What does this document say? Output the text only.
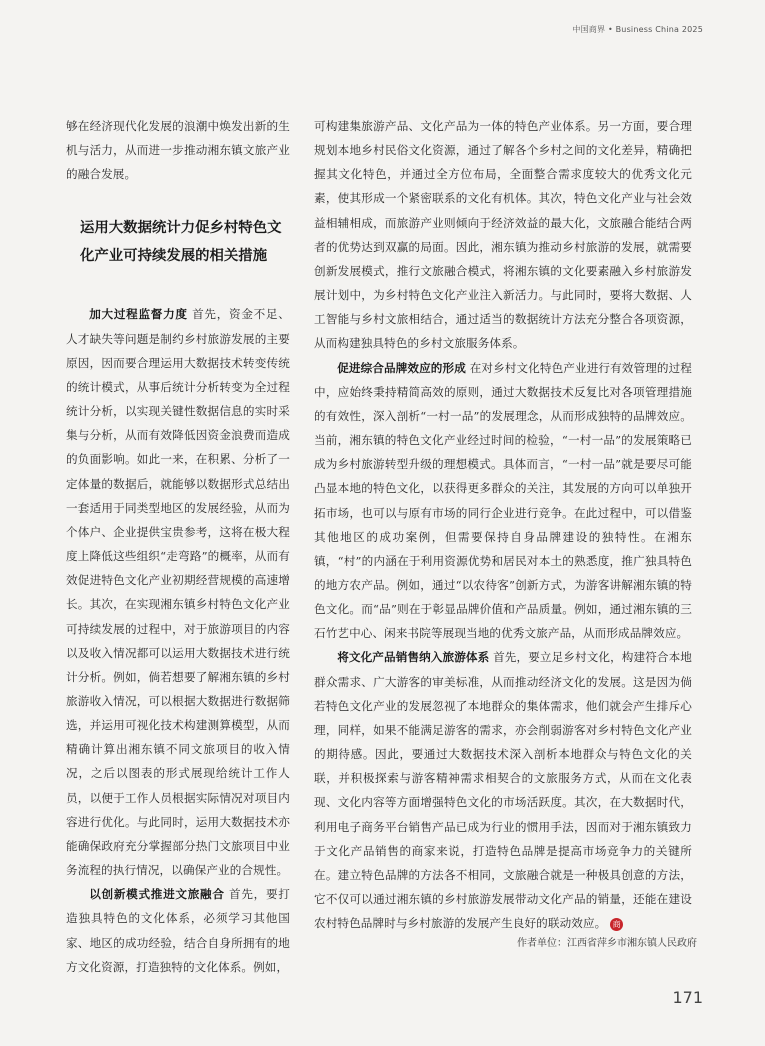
中国商界 • Business China 2025

够在经济现代化发展的浪潮中焕发出新的生机与活力，从而进一步推动湘东镇文旅产业的融合发展。

运用大数据统计力促乡村特色文化产业可持续发展的相关措施

加大过程监督力度 首先，资金不足、人才缺失等问题是制约乡村旅游发展的主要原因，因而要合理运用大数据技术转变传统的统计模式，从事后统计分析转变为全过程统计分析，以实现关键性数据信息的实时采集与分析，从而有效降低因资金浪费而造成的负面影响。如此一来，在积累、分析了一定体量的数据后，就能够以数据形式总结出一套适用于同类型地区的发展经验，从而为个体户、企业提供宝贵参考，这将在极大程度上降低这些组织“走弯路”的概率，从而有效促进特色文化产业初期经营规模的高速增长。其次，在实现湘东镇乡村特色文化产业可持续发展的过程中，对于旅游项目的内容以及收入情况都可以运用大数据技术进行统计分析。例如，倘若想要了解湘东镇的乡村旅游收入情况，可以根据大数据进行数据筛选，并运用可视化技术构建测算模型，从而精确计算出湘东镇不同文旅项目的收入情况，之后以图表的形式展现给统计工作人员，以便于工作人员根据实际情况对项目内容进行优化。与此同时，运用大数据技术亦能确保政府充分掌握部分热门文旅项目中业务流程的执行情况，以确保产业的合规性。

以创新模式推进文旅融合 首先，要打造独具特色的文化体系，必须学习其他国家、地区的成功经验，结合自身所拥有的地方文化资源，打造独特的文化体系。例如，

可构建集旅游产品、文化产品为一体的特色产业体系。另一方面，要合理规划本地乡村民俗文化资源，通过了解各个乡村之间的文化差异，精确把握其文化特色，并通过全方位布局，全面整合需求度较大的优秀文化元素，使其形成一个紧密联系的文化有机体。其次，特色文化产业与社会效益相辅相成，而旅游产业则倾向于经济效益的最大化，文旅融合能结合两者的优势达到双赢的局面。因此，湘东镇为推动乡村旅游的发展，就需要创新发展模式，推行文旅融合模式，将湘东镇的文化要素融入乡村旅游发展计划中，为乡村特色文化产业注入新活力。与此同时，要将大数据、人工智能与乡村文旅相结合，通过适当的数据统计方法充分整合各项资源，从而构建独具特色的乡村文旅服务体系。

促进综合品牌效应的形成 在对乡村文化特色产业进行有效管理的过程中，应始终秉持精简高效的原则，通过大数据技术反复比对各项管理措施的有效性，深入剖析“一村一品”的发展理念，从而形成独特的品牌效应。当前，湘东镇的特色文化产业经过时间的检验，“一村一品”的发展策略已成为乡村旅游转型升级的理想模式。具体而言，“一村一品”就是要尽可能凸显本地的特色文化，以获得更多群众的关注，其发展的方向可以单独开拓市场，也可以与原有市场的同行企业进行竞争。在此过程中，可以借鉴其他地区的成功案例，但需要保持自身品牌建设的独特性。在湘东镇，“村”的内涵在于利用资源优势和居民对本土的熟悉度，推广独具特色的地方农产品。例如，通过“以农待客”创新方式，为游客讲解湘东镇的特色文化。而“品”则在于彰显品牌价值和产品质量。例如，通过湘东镇的三石竹艺中心、闲来书院等展现当地的优秀文旅产品，从而形成品牌效应。

将文化产品销售纳入旅游体系 首先，要立足乡村文化，构建符合本地群众需求、广大游客的审美标准，从而推动经济文化的发展。这是因为倘若特色文化产业的发展忽视了本地群众的集体需求，他们就会产生排斥心理，同样，如果不能满足游客的需求，亦会削弱游客对乡村特色文化产业的期待感。因此，要通过大数据技术深入剖析本地群众与特色文化的关联，并积极探索与游客精神需求相契合的文旅服务方式，从而在文化表现、文化内容等方面增强特色文化的市场活跃度。其次，在大数据时代，利用电子商务平台销售产品已成为行业的惯用手法，因而对于湘东镇致力于文化产品销售的商家来说，打造特色品牌是提高市场竞争力的关键所在。建立特色品牌的方法各不相同，文旅融合就是一种极具创意的方法，它不仅可以通过湘东镇的乡村旅游发展带动文化产品的销量，还能在建设农村特色品牌时与乡村旅游的发展产生良好的联动效应。 商

作者单位：江西省萍乡市湘东镇人民政府
171
